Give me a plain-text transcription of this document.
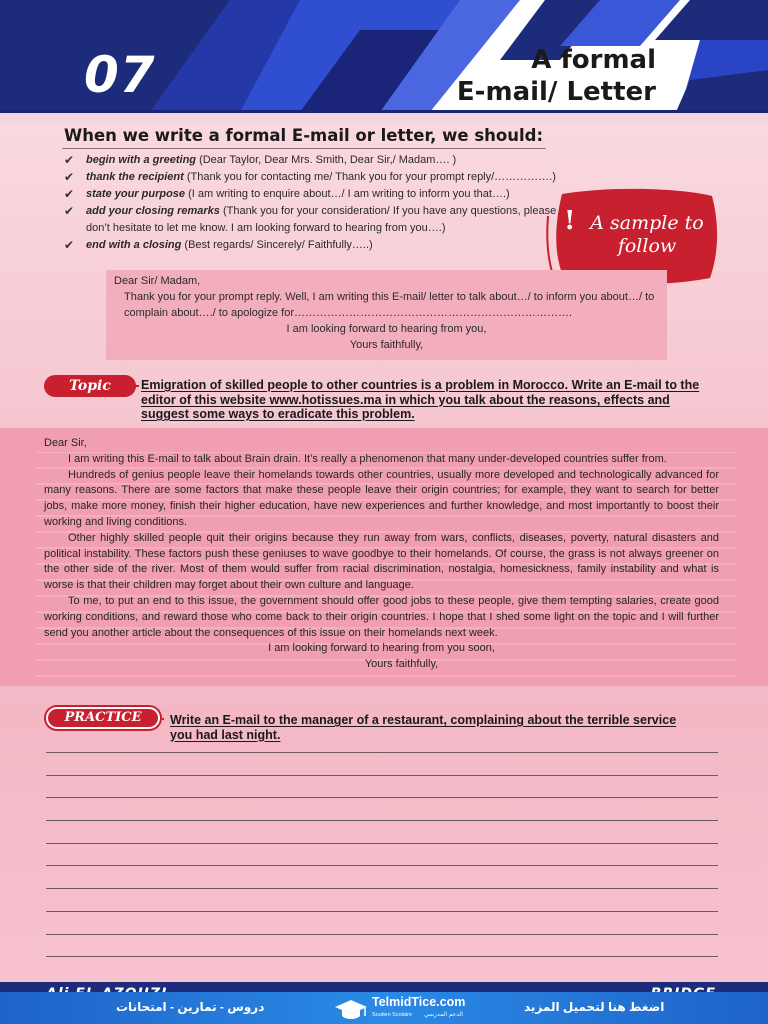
07	A formal
E-mail/ Letter
When we write a formal E-mail or letter, we should:
✔ begin with a greeting (Dear Taylor, Dear Mrs. Smith, Dear Sir,/ Madam…. )
✔ thank the recipient (Thank you for contacting me/ Thank you for your prompt reply/…………….)
✔ state your purpose (I am writing to enquire about…/ I am writing to inform you that….)
✔ add your closing remarks (Thank you for your consideration/ If you have any questions, please don’t hesitate to let me know. I am looking forward to hearing from you….)
✔ end with a closing (Best regards/ Sincerely/ Faithfully…..)
! A sample to follow
Dear Sir/ Madam,
Thank you for your prompt reply. Well, I am writing this E-mail/ letter to talk about…/ to inform you about…/ to complain about…./ to apologize for………………………………………………………………….
I am looking forward to hearing from you,
Yours faithfully,
Topic	Emigration of skilled people to other countries is a problem in Morocco. Write an E-mail to the editor of this website www.hotissues.ma in which you talk about the reasons, effects and suggest some ways to eradicate this problem.

Dear Sir,

I am writing this E-mail to talk about Brain drain. It’s really a phenomenon that many under-developed countries suffer from.

Hundreds of genius people leave their homelands towards other countries, usually more developed and technologically advanced for many reasons. There are some factors that make these people leave their origin countries; for example, they want to search for better jobs, make more money, finish their higher education, have new experiences and further knowledge, and most importantly to boost their working and living conditions.

Other highly skilled people quit their origins because they run away from wars, conflicts, diseases, poverty, natural disasters and political instability. These factors push these geniuses to wave goodbye to their homelands. Of course, the grass is not always greener on the other side of the river. Most of them would suffer from racial discrimination, nostalgia, homesickness, family instability and what is worse is that their children may forget about their own culture and language.

To me, to put an end to this issue, the government should offer good jobs to these people, give them tempting salaries, create good working conditions, and reward those who come back to their origin countries. I hope that I shed some light on the topic and I will further send you another article about the consequences of this issue on their homelands next week.

I am looking forward to hearing from you soon,

Yours faithfully,

PRACTICE	Write an E-mail to the manager of a restaurant, complaining about the terrible service you had last night.
دروس - تمارين - امتحانات	TelmidTice.com
Soutien Scolaire الدعم المدرسي
اضغط هنا لتحميل المزيد
